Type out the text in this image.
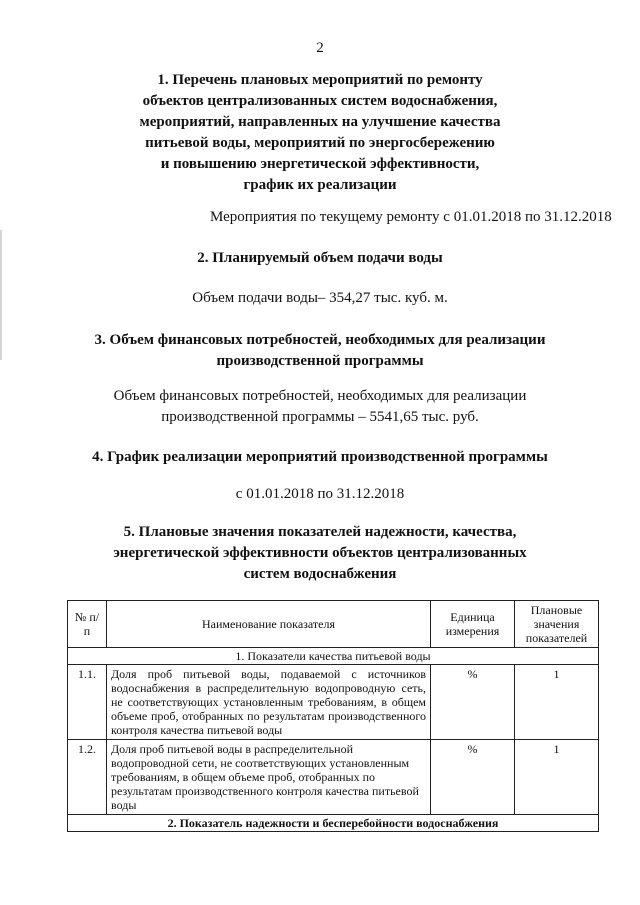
2
1. Перечень плановых мероприятий по ремонту
объектов централизованных систем водоснабжения,
мероприятий, направленных на улучшение качества
питьевой воды, мероприятий по энергосбережению
и повышению энергетической эффективности,
график их реализации
Мероприятия по текущему ремонту с 01.01.2018 по 31.12.2018
2. Планируемый объем подачи воды
Объем подачи воды– 354,27 тыс. куб. м.
3. Объем финансовых потребностей, необходимых для реализации
производственной программы
Объем финансовых потребностей, необходимых для реализации
производственной программы – 5541,65 тыс. руб.
4. График реализации мероприятий производственной программы
с 01.01.2018 по 31.12.2018
5. Плановые значения показателей надежности, качества,
энергетической эффективности объектов централизованных
систем водоснабжения
№ п/п	Наименование показателя	Единица измерения	Плановые значения показателей
1. Показатели качества питьевой воды			
1.1.	Доля проб питьевой воды, подаваемой с источников водоснабжения в распределительную водопроводную сеть, не соответствующих установленным требованиям, в общем объеме проб, отобранных по результатам производственного контроля качества питьевой воды	%	1
1.2.	Доля проб питьевой воды в распределительной водопроводной сети, не соответствующих установленным требованиям, в общем объеме проб, отобранных по результатам производственного контроля качества питьевой воды	%	1
2. Показатель надежности и бесперебойности водоснабжения			
